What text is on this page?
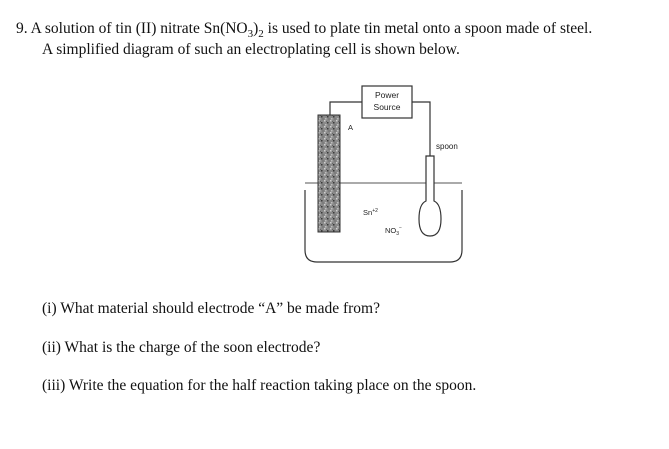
9. A solution of tin (II) nitrate $Sn(NO_3)_2$ is used to plate tin metal onto a spoon made of steel.
A simplified diagram of such an electroplating cell is shown below.
Power
Source
A
spoon
$Sn^{+2}$
$NO_3^-$
(i) What material should electrode “A” be made from?
(ii) What is the charge of the soon electrode?
(iii) Write the equation for the half reaction taking place on the spoon.
